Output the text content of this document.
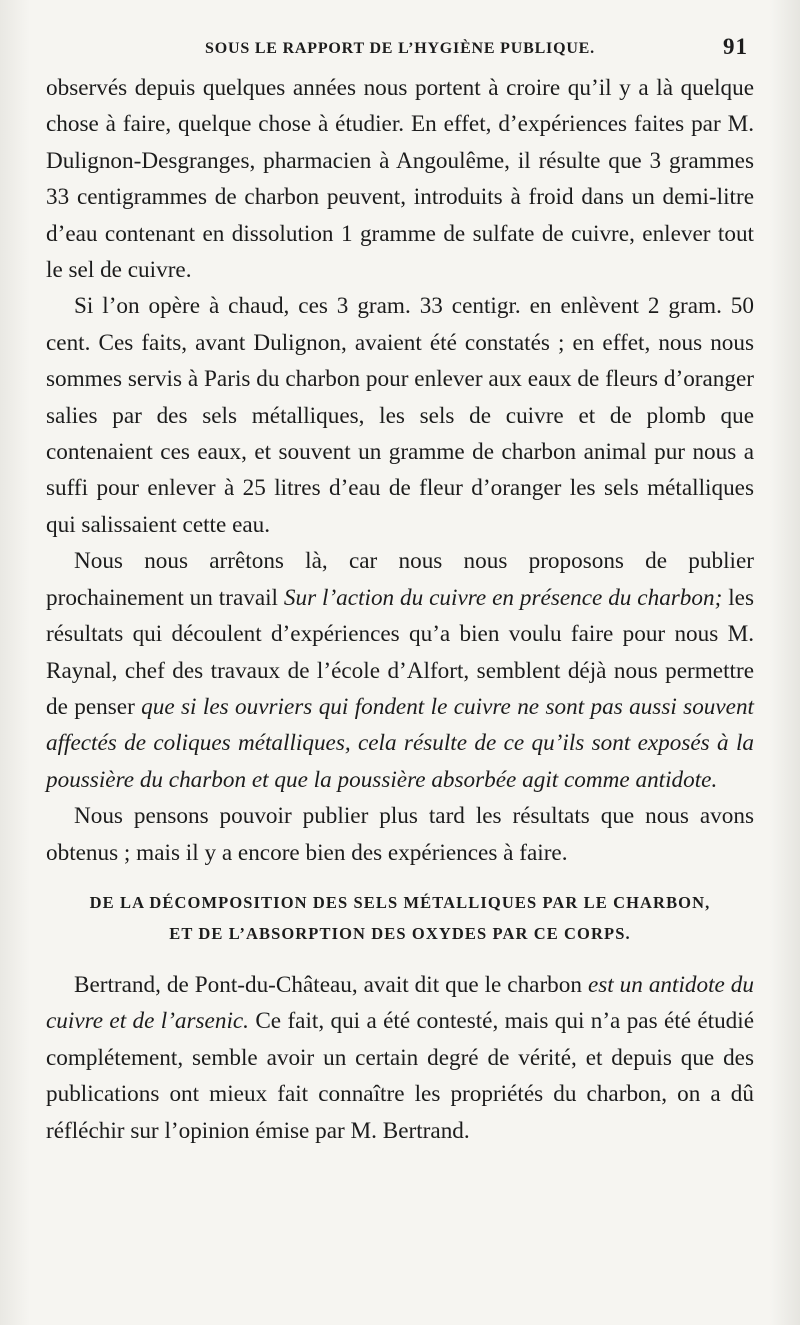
SOUS LE RAPPORT DE L’HYGIÈNE PUBLIQUE.	91

observés depuis quelques années nous portent à croire qu’il y a là quelque chose à faire, quelque chose à étudier. En effet, d’expériences faites par M. Dulignon-Desgranges, pharmacien à Angoulême, il résulte que 3 grammes 33 centigrammes de charbon peuvent, introduits à froid dans un demi-litre d’eau contenant en dissolution 1 gramme de sulfate de cuivre, enlever tout le sel de cuivre.

Si l’on opère à chaud, ces 3 gram. 33 centigr. en enlèvent 2 gram. 50 cent. Ces faits, avant Dulignon, avaient été constatés ; en effet, nous nous sommes servis à Paris du charbon pour enlever aux eaux de fleurs d’oranger salies par des sels métalliques, les sels de cuivre et de plomb que contenaient ces eaux, et souvent un gramme de charbon animal pur nous a suffi pour enlever à 25 litres d’eau de fleur d’oranger les sels métalliques qui salissaient cette eau.

Nous nous arrêtons là, car nous nous proposons de publier prochainement un travail Sur l’action du cuivre en présence du charbon; les résultats qui découlent d’expériences qu’a bien voulu faire pour nous M. Raynal, chef des travaux de l’école d’Alfort, semblent déjà nous permettre de penser que si les ouvriers qui fondent le cuivre ne sont pas aussi souvent affectés de coliques métalliques, cela résulte de ce qu’ils sont exposés à la poussière du charbon et que la poussière absorbée agit comme antidote.

Nous pensons pouvoir publier plus tard les résultats que nous avons obtenus ; mais il y a encore bien des expériences à faire.

DE LA DÉCOMPOSITION DES SELS MÉTALLIQUES PAR LE CHARBON,
ET DE L’ABSORPTION DES OXYDES PAR CE CORPS.

Bertrand, de Pont-du-Château, avait dit que le charbon est un antidote du cuivre et de l’arsenic. Ce fait, qui a été contesté, mais qui n’a pas été étudié complétement, semble avoir un certain degré de vérité, et depuis que des publications ont mieux fait connaître les propriétés du charbon, on a dû réfléchir sur l’opinion émise par M. Bertrand.
